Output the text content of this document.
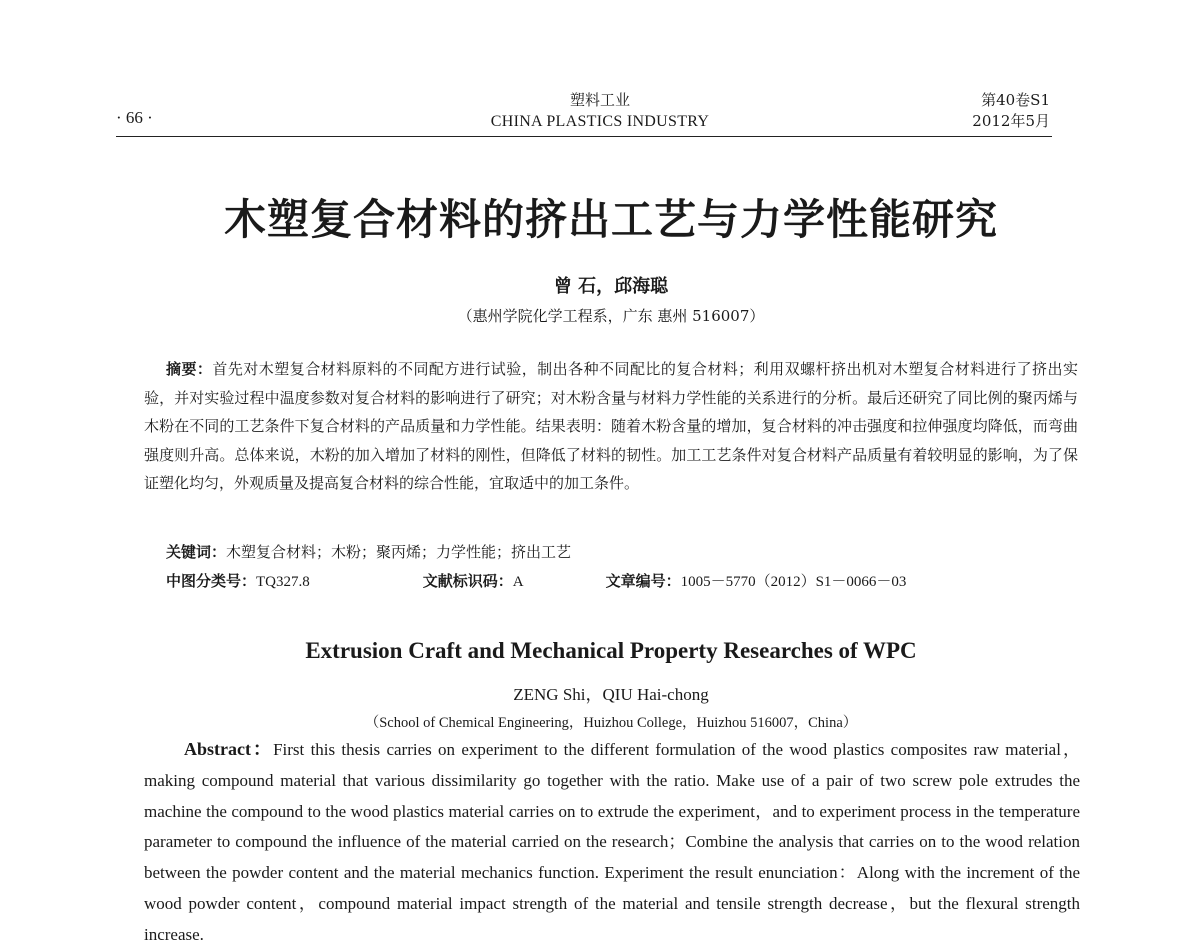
· 66 ·
塑料工业
CHINA PLASTICS INDUSTRY
第40卷S1
2012年5月
木塑复合材料的挤出工艺与力学性能研究
曾 石，邱海聪
（惠州学院化学工程系，广东 惠州 516007）

摘要：首先对木塑复合材料原料的不同配方进行试验，制出各种不同配比的复合材料；利用双螺杆挤出机对木塑复合材料进行了挤出实验，并对实验过程中温度参数对复合材料的影响进行了研究；对木粉含量与材料力学性能的关系进行的分析。最后还研究了同比例的聚丙烯与木粉在不同的工艺条件下复合材料的产品质量和力学性能。结果表明：随着木粉含量的增加，复合材料的冲击强度和拉伸强度均降低，而弯曲强度则升高。总体来说，木粉的加入增加了材料的刚性，但降低了材料的韧性。加工工艺条件对复合材料产品质量有着较明显的影响，为了保证塑化均匀，外观质量及提高复合材料的综合性能，宜取适中的加工条件。

关键词：木塑复合材料；木粉；聚丙烯；力学性能；挤出工艺
中图分类号：TQ327.8	文献标识码：A	文章编号：1005－5770（2012）S1－0066－03
Extrusion Craft and Mechanical Property Researches of WPC
ZENG Shi，QIU Hai-chong
（School of Chemical Engineering，Huizhou College，Huizhou 516007，China）

Abstract：First this thesis carries on experiment to the different formulation of the wood plastics composites raw material，making compound material that various dissimilarity go together with the ratio. Make use of a pair of two screw pole extrudes the machine the compound to the wood plastics material carries on to extrude the experiment，and to experiment process in the temperature parameter to compound the influence of the material carried on the research；Combine the analysis that carries on to the wood relation between the powder content and the material mechanics function. Experiment the result enunciation：Along with the increment of the wood powder content，compound material impact strength of the material and tensile strength decrease，but the flexural strength increase.
